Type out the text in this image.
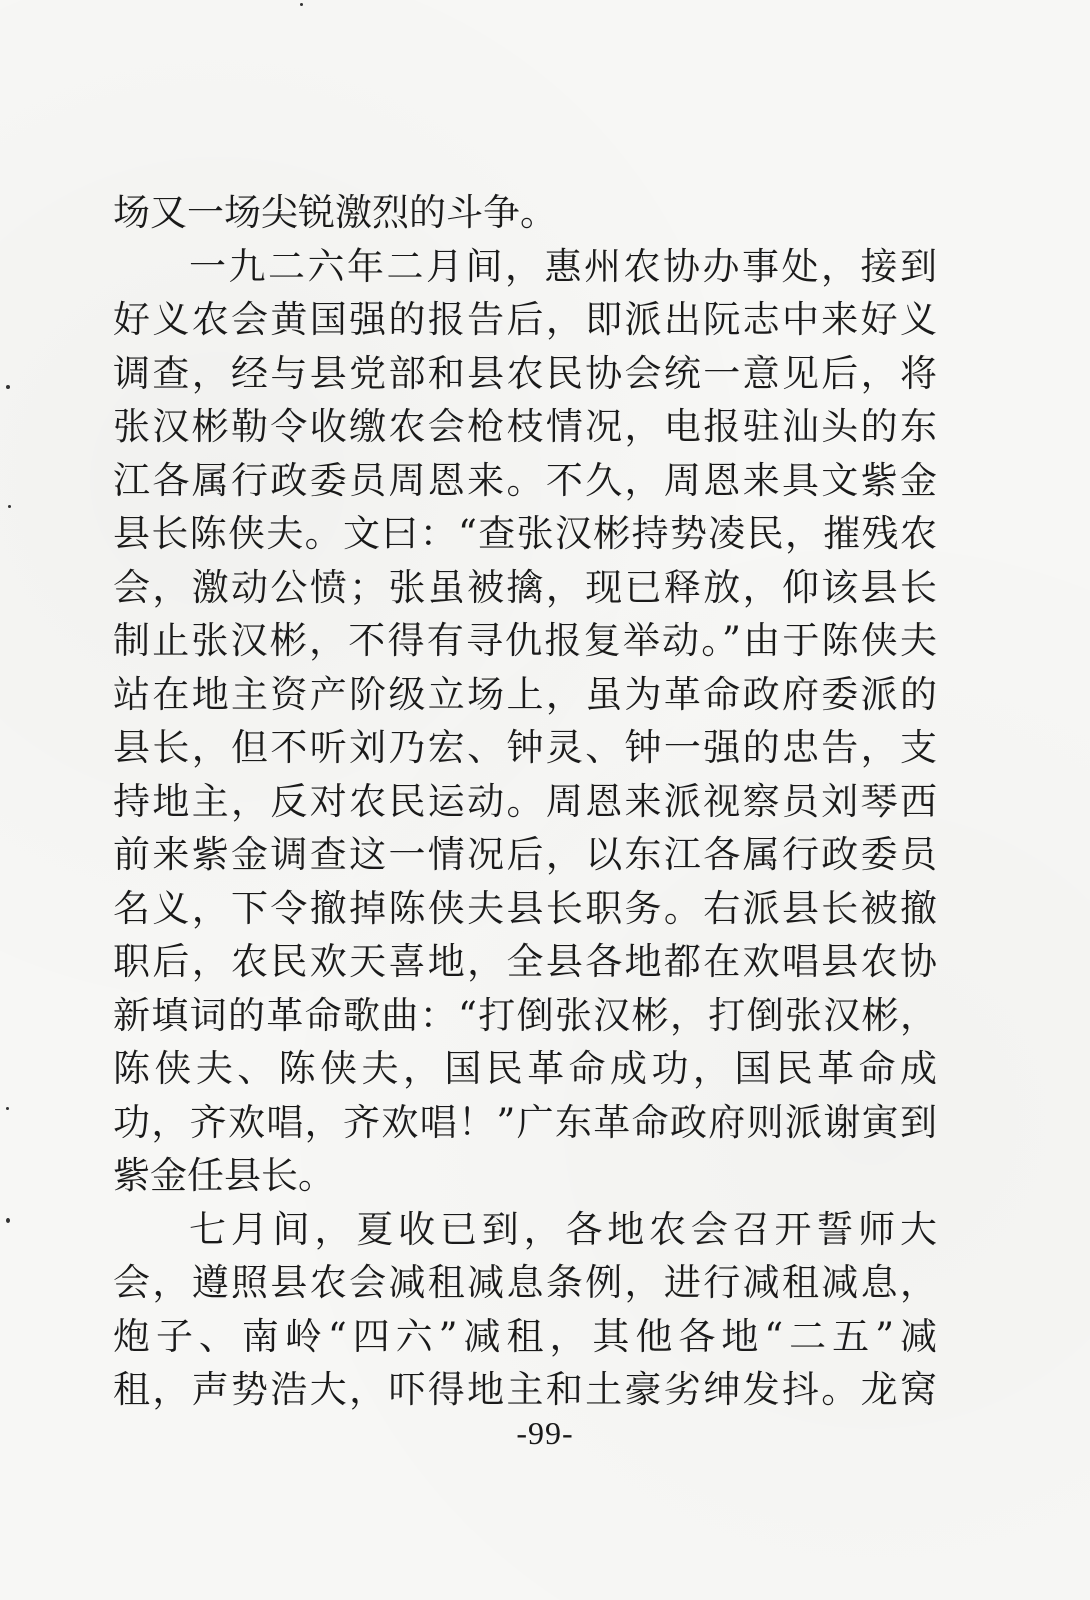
场又一场尖锐激烈的斗争。
一九二六年二月间，惠州农协办事处，接到
好义农会黄国强的报告后，即派出阮志中来好义
调查，经与县党部和县农民协会统一意见后，将
张汉彬勒令收缴农会枪枝情况，电报驻汕头的东
江各属行政委员周恩来。不久，周恩来具文紫金
县长陈侠夫。文曰：“查张汉彬持势凌民，摧残农
会，激动公愤；张虽被擒，现已释放，仰该县长
制止张汉彬，不得有寻仇报复举动。”由于陈侠夫
站在地主资产阶级立场上，虽为革命政府委派的
县长，但不听刘乃宏、钟灵、钟一强的忠告，支
持地主，反对农民运动。周恩来派视察员刘琴西
前来紫金调查这一情况后，以东江各属行政委员
名义，下令撤掉陈侠夫县长职务。右派县长被撤
职后，农民欢天喜地，全县各地都在欢唱县农协
新填词的革命歌曲：“打倒张汉彬，打倒张汉彬，
陈侠夫、陈侠夫，国民革命成功，国民革命成
功，齐欢唱，齐欢唱！”广东革命政府则派谢寅到
紫金任县长。
七月间，夏收已到，各地农会召开誓师大
会，遵照县农会减租减息条例，进行减租减息，
炮子、南岭“四六”减租，其他各地“二五”减
租，声势浩大，吓得地主和土豪劣绅发抖。龙窝
-99-
